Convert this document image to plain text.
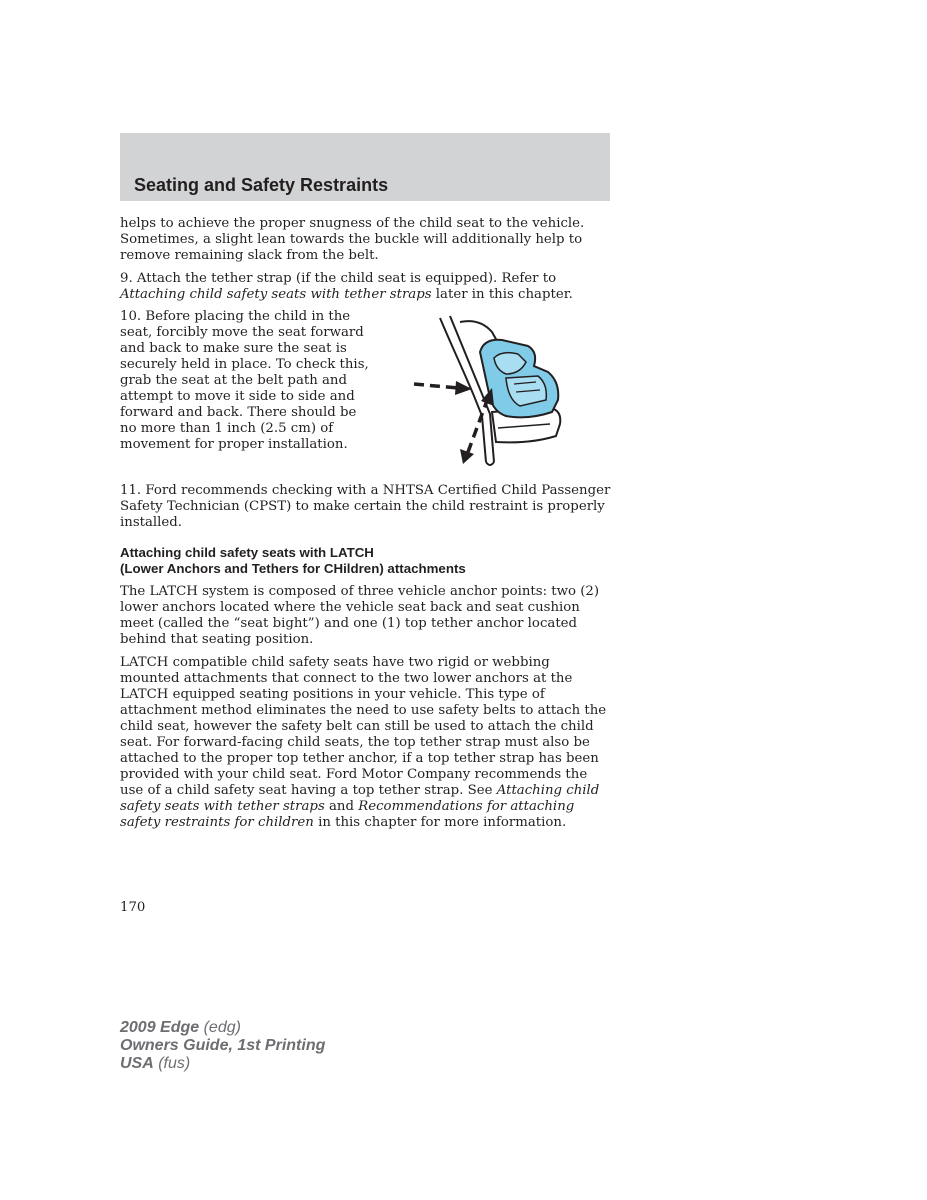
Seating and Safety Restraints

helps to achieve the proper snugness of the child seat to the vehicle. Sometimes, a slight lean towards the buckle will additionally help to remove remaining slack from the belt.

9. Attach the tether strap (if the child seat is equipped). Refer to Attaching child safety seats with tether straps later in this chapter.

10. Before placing the child in the seat, forcibly move the seat forward and back to make sure the seat is securely held in place. To check this, grab the seat at the belt path and attempt to move it side to side and forward and back. There should be no more than 1 inch (2.5 cm) of movement for proper installation.

11. Ford recommends checking with a NHTSA Certified Child Passenger Safety Technician (CPST) to make certain the child restraint is properly installed.

Attaching child safety seats with LATCH
(Lower Anchors and Tethers for CHildren) attachments

The LATCH system is composed of three vehicle anchor points: two (2) lower anchors located where the vehicle seat back and seat cushion meet (called the “seat bight”) and one (1) top tether anchor located behind that seating position.

LATCH compatible child safety seats have two rigid or webbing mounted attachments that connect to the two lower anchors at the LATCH equipped seating positions in your vehicle. This type of attachment method eliminates the need to use safety belts to attach the child seat, however the safety belt can still be used to attach the child seat. For forward-facing child seats, the top tether strap must also be attached to the proper top tether anchor, if a top tether strap has been provided with your child seat. Ford Motor Company recommends the use of a child safety seat having a top tether strap. See Attaching child safety seats with tether straps and Recommendations for attaching safety restraints for children in this chapter for more information.

170

2009 Edge (edg)
Owners Guide, 1st Printing
USA (fus)
